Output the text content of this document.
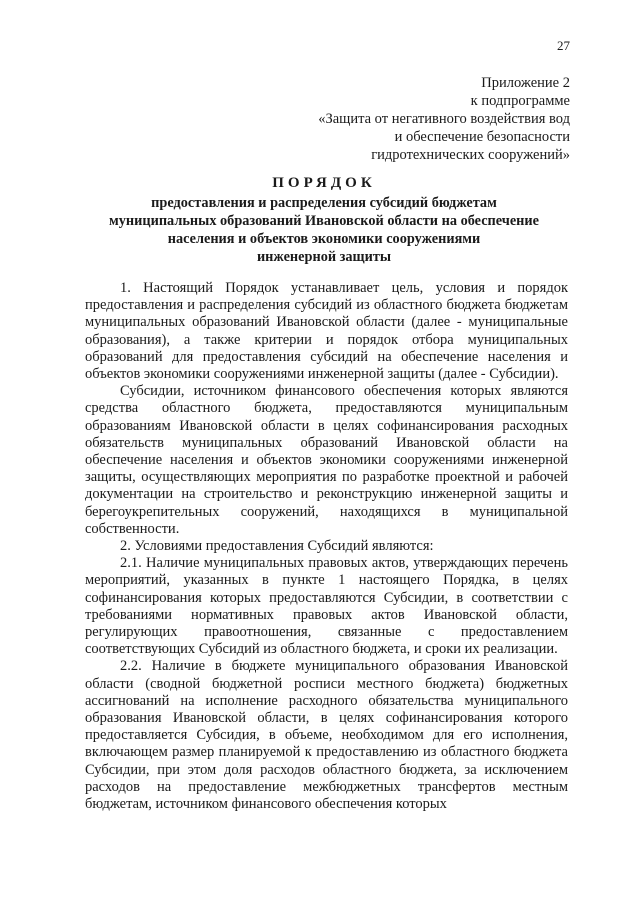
27
Приложение 2
к подпрограмме
«Защита от негативного воздействия вод
и обеспечение безопасности
гидротехнических сооружений»
ПОРЯДОК
предоставления и распределения субсидий бюджетам
муниципальных образований Ивановской области на обеспечение
населения и объектов экономики сооружениями
инженерной защиты

1. Настоящий Порядок устанавливает цель, условия и порядок предоставления и распределения субсидий из областного бюджета бюджетам муниципальных образований Ивановской области (далее - муниципальные образования), а также критерии и порядок отбора муниципальных образований для предоставления субсидий на обеспечение населения и объектов экономики сооружениями инженерной защиты (далее - Субсидии).

Субсидии, источником финансового обеспечения которых являются средства областного бюджета, предоставляются муниципальным образованиям Ивановской области в целях софинансирования расходных обязательств муниципальных образований Ивановской области на обеспечение населения и объектов экономики сооружениями инженерной защиты, осуществляющих мероприятия по разработке проектной и рабочей документации на строительство и реконструкцию инженерной защиты и берегоукрепительных сооружений, находящихся в муниципальной собственности.

2. Условиями предоставления Субсидий являются:

2.1. Наличие муниципальных правовых актов, утверждающих перечень мероприятий, указанных в пункте 1 настоящего Порядка, в целях софинансирования которых предоставляются Субсидии, в соответствии с требованиями нормативных правовых актов Ивановской области, регулирующих правоотношения, связанные с предоставлением соответствующих Субсидий из областного бюджета, и сроки их реализации.

2.2. Наличие в бюджете муниципального образования Ивановской области (сводной бюджетной росписи местного бюджета) бюджетных ассигнований на исполнение расходного обязательства муниципального образования Ивановской области, в целях софинансирования которого предоставляется Субсидия, в объеме, необходимом для его исполнения, включающем размер планируемой к предоставлению из областного бюджета Субсидии, при этом доля расходов областного бюджета, за исключением расходов на предоставление межбюджетных трансфертов местным бюджетам, источником финансового обеспечения которых
